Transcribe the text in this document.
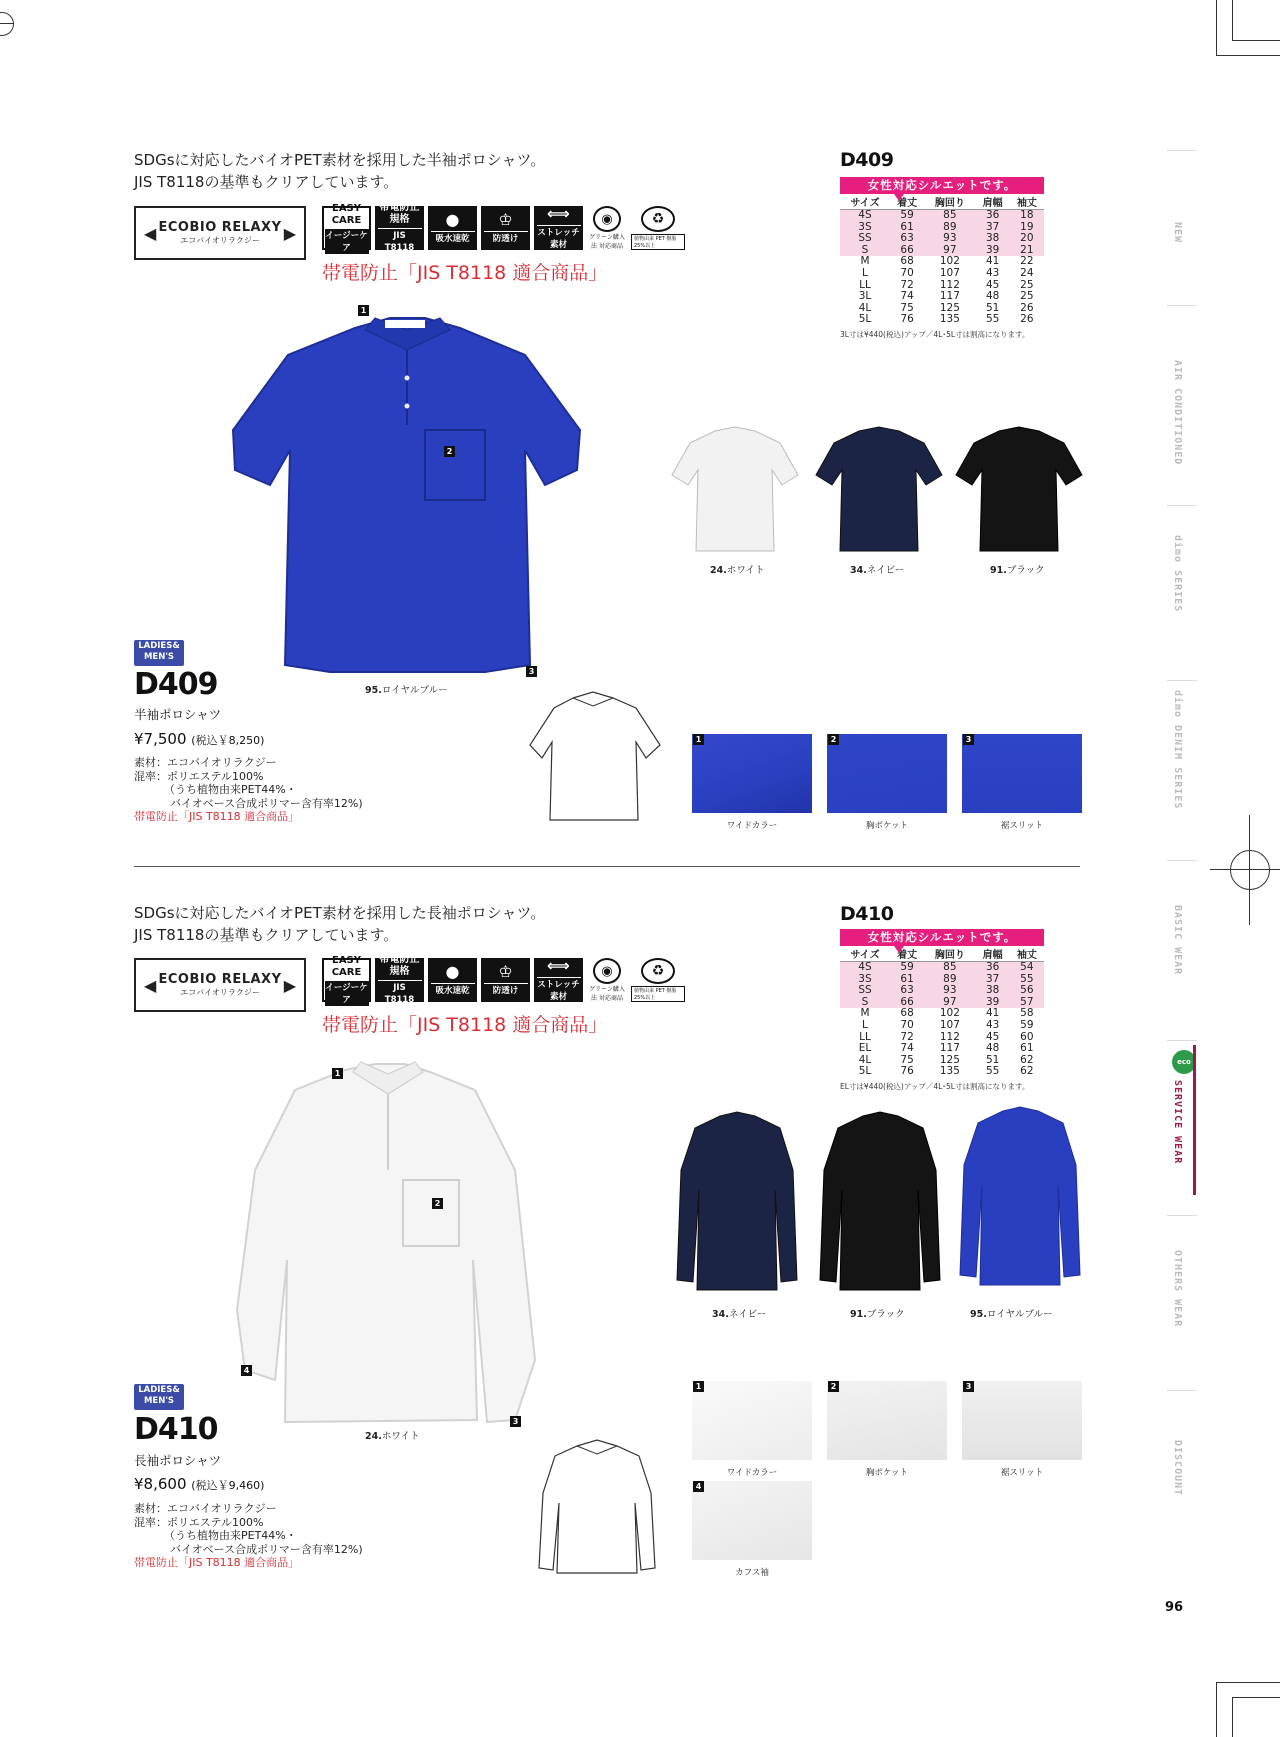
SDGsに対応したバイオPET素材を採用した半袖ポロシャツ。
JIS T8118の基準もクリアしています。
◀ ECOBIO RELAXY
エコバイオリラクジー ▶
EASY CARE
イージーケア
帯電防止 規格
JIS T8118
●
吸水速乾
♔
防透け
⟺
ストレッチ素材
◉
グリーン購入法 対応商品
♻
植物由来 PET 樹脂25%以上
帯電防止「JIS T8118 適合商品」
D409
女性対応シルエットです。
サイズ	着丈	胸回り	肩幅	袖丈
4S	59	85	36	18
3S	61	89	37	19
SS	63	93	38	20
S	66	97	39	21
M	68	102	41	22
L	70	107	43	24
LL	72	112	45	25
3L	74	117	48	25
4L	75	125	51	26
5L	76	135	55	26
3L寸は¥440(税込)アップ／4L･5L寸は割高になります。
1
2
3
95.ロイヤルブルー
24.ホワイト	34.ネイビー	91.ブラック
LADIES&
MEN'S
D409
半袖ポロシャツ
¥7,500 (税込￥8,250)
素材：エコバイオリラクジー
混率：ポリエステル100%
（うち植物由来PET44%・
バイオベース合成ポリマー含有率12%)
帯電防止「JIS T8118 適合商品」
1
ワイドカラー
2
胸ポケット
3
裾スリット
SDGsに対応したバイオPET素材を採用した長袖ポロシャツ。
JIS T8118の基準もクリアしています。
◀ ECOBIO RELAXY
エコバイオリラクジー ▶
EASY CARE
イージーケア
帯電防止 規格
JIS T8118
●
吸水速乾
♔
防透け
⟺
ストレッチ素材
◉
グリーン購入法 対応商品
♻
植物由来 PET 樹脂25%以上
帯電防止「JIS T8118 適合商品」
D410
女性対応シルエットです。
サイズ	着丈	胸回り	肩幅	袖丈
4S	59	85	36	54
3S	61	89	37	55
SS	63	93	38	56
S	66	97	39	57
M	68	102	41	58
L	70	107	43	59
LL	72	112	45	60
EL	74	117	48	61
4L	75	125	51	62
5L	76	135	55	62
EL寸は¥440(税込)アップ／4L･5L寸は割高になります。
1
2
3
4
24.ホワイト
34.ネイビー	91.ブラック	95.ロイヤルブルー
LADIES&
MEN'S
D410
長袖ポロシャツ
¥8,600 (税込￥9,460)
素材：エコバイオリラクジー
混率：ポリエステル100%
（うち植物由来PET44%・
バイオベース合成ポリマー含有率12%)
帯電防止「JIS T8118 適合商品」
1
ワイドカラー
2
胸ポケット
3
裾スリット
4
カフス袖
NEW
AIR CONDITIONED
dimo SERIES
dimo DENIM SERIES
BASIC WEAR
eco
SERVICE WEAR
OTHERS WEAR
DISCOUNT
96
